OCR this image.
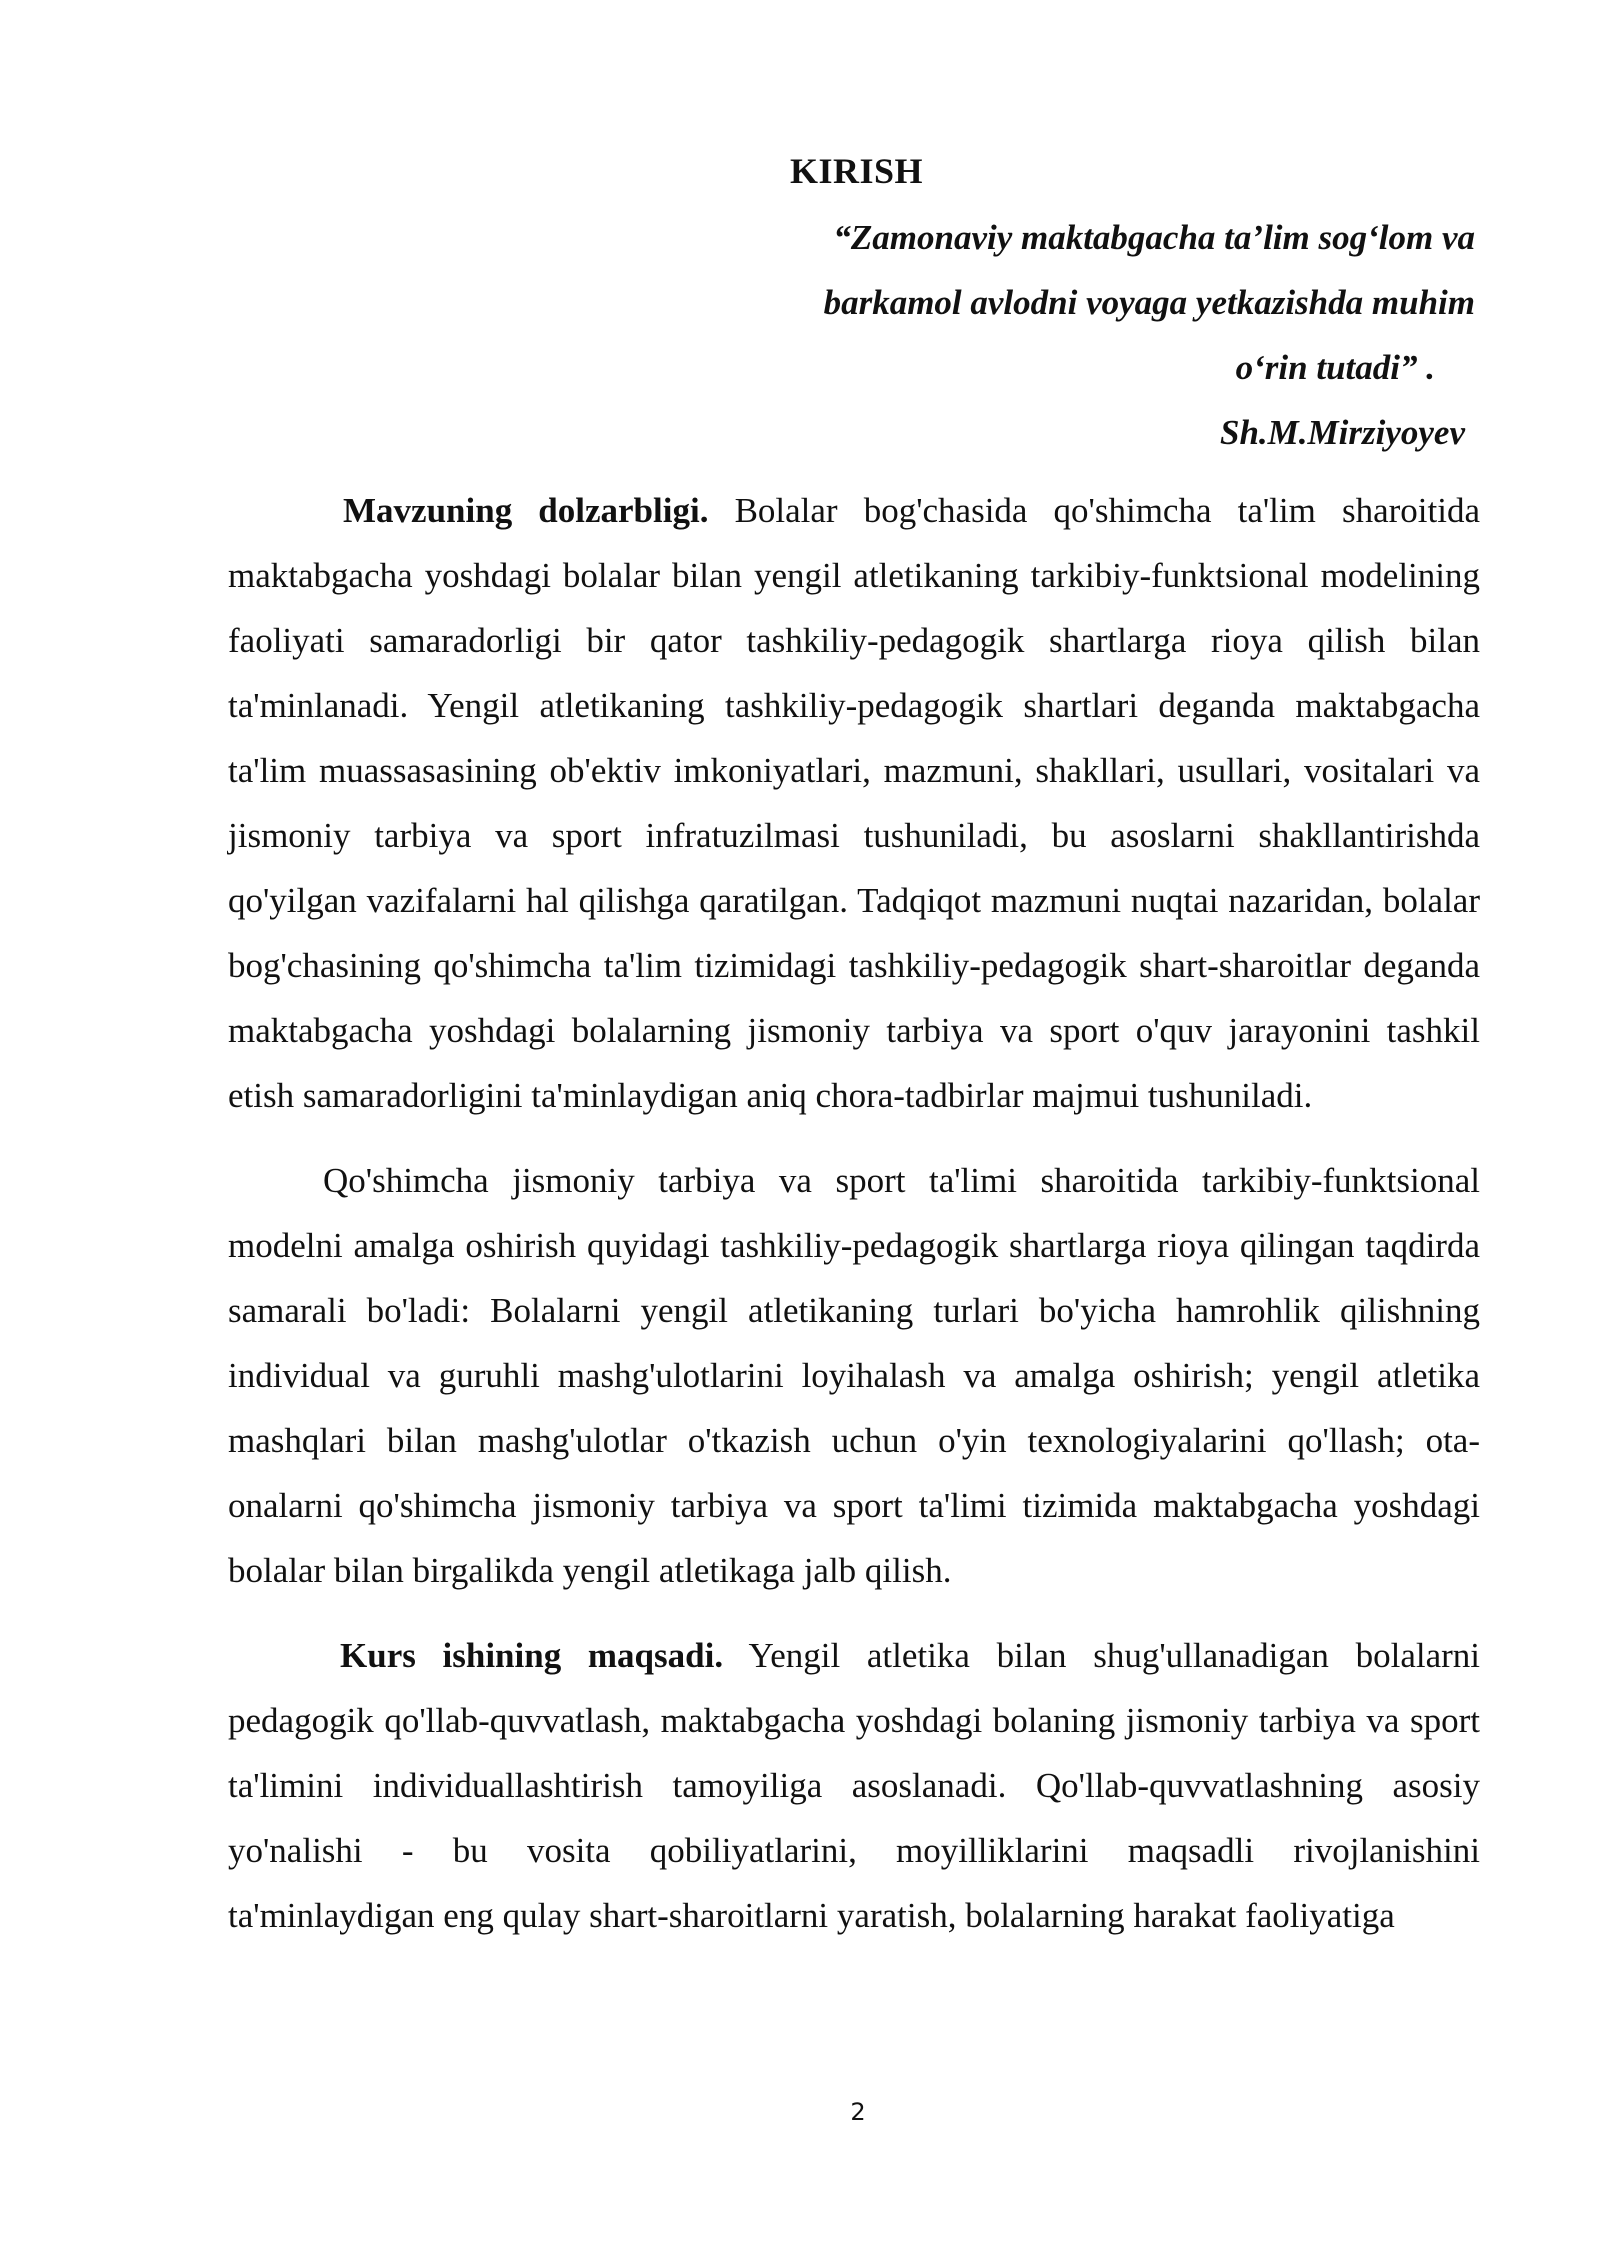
KIRISH
“Zamonaviy maktabgacha ta’lim sog‘lom va
barkamol avlodni voyaga yetkazishda muhim
o‘rin tutadi” .
Sh.M.Mirziyoyev

Mavzuning dolzarbligi. Bolalar bog'chasida qo'shimcha ta'lim sharoitida maktabgacha yoshdagi bolalar bilan yengil atletikaning tarkibiy-funktsional modelining faoliyati samaradorligi bir qator tashkiliy-pedagogik shartlarga rioya qilish bilan ta'minlanadi. Yengil atletikaning tashkiliy-pedagogik shartlari deganda maktabgacha ta'lim muassasasining ob'ektiv imkoniyatlari, mazmuni, shakllari, usullari, vositalari va jismoniy tarbiya va sport infratuzilmasi tushuniladi, bu asoslarni shakllantirishda qo'yilgan vazifalarni hal qilishga qaratilgan. Tadqiqot mazmuni nuqtai nazaridan, bolalar bog'chasining qo'shimcha ta'lim tizimidagi tashkiliy-pedagogik shart-sharoitlar deganda maktabgacha yoshdagi bolalarning jismoniy tarbiya va sport o'quv jarayonini tashkil etish samaradorligini ta'minlaydigan aniq chora-tadbirlar majmui tushuniladi.

Qo'shimcha jismoniy tarbiya va sport ta'limi sharoitida tarkibiy-funktsional modelni amalga oshirish quyidagi tashkiliy-pedagogik shartlarga rioya qilingan taqdirda samarali bo'ladi: Bolalarni yengil atletikaning turlari bo'yicha hamrohlik qilishning individual va guruhli mashg'ulotlarini loyihalash va amalga oshirish; yengil atletika mashqlari bilan mashg'ulotlar o'tkazish uchun o'yin texnologiyalarini qo'llash; ota-onalarni qo'shimcha jismoniy tarbiya va sport ta'limi tizimida maktabgacha yoshdagi bolalar bilan birgalikda yengil atletikaga jalb qilish.

Kurs ishining maqsadi. Yengil atletika bilan shug'ullanadigan bolalarni pedagogik qo'llab-quvvatlash, maktabgacha yoshdagi bolaning jismoniy tarbiya va sport ta'limini individuallashtirish tamoyiliga asoslanadi. Qo'llab-quvvatlashning asosiy yo'nalishi - bu vosita qobiliyatlarini, moyilliklarini maqsadli rivojlanishini ta'minlaydigan eng qulay shart-sharoitlarni yaratish, bolalarning harakat faoliyatiga

2
